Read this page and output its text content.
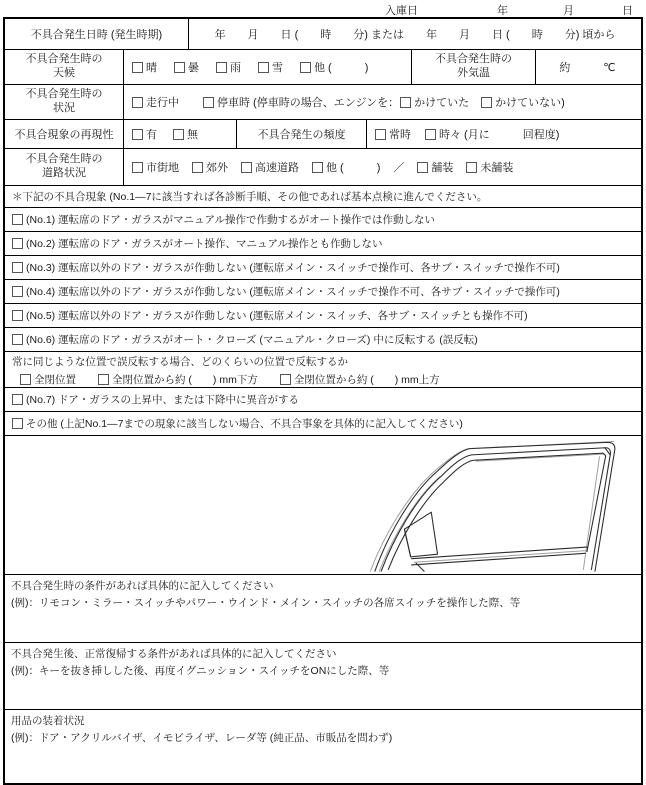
入庫日	年	月	日
不具合発生日時 (発生時期)	年　　月　　日 (　　時　　分) または　　年　　月　　日 (　　時　　分) 頃から
不具合発生時の
天候	晴	曇	雨	雪	他 (　　　)
不具合発生時の
外気温	約　　　℃
不具合発生時の
状況	走行中	停車時 (停車時の場合、エンジンを： かけていた かけていない)
不具合現象の再現性	有	無	不具合発生の頻度	常時	時々 (月に　　　回程度)
不具合発生時の
道路状況	市街地 郊外 高速道路 他 (　　　) ／ 舗装 未舗装
＊下記の不具合現象 (No.1—7に該当すれば各診断手順、その他であれば基本点検に進んでください。
(No.1) 運転席のドア・ガラスがマニュアル操作で作動するがオート操作では作動しない
(No.2) 運転席のドア・ガラスがオート操作、マニュアル操作とも作動しない
(No.3) 運転席以外のドア・ガラスが作動しない (運転席メイン・スイッチで操作可、各サブ・スイッチで操作不可)
(No.4) 運転席以外のドア・ガラスが作動しない (運転席メイン・スイッチで操作不可、各サブ・スイッチで操作可)
(No.5) 運転席以外のドア・ガラスが作動しない (運転席メイン・スイッチ、各サブ・スイッチとも操作不可)
(No.6) 運転席のドア・ガラスがオート・クローズ (マニュアル・クローズ) 中に反転する (誤反転)
常に同じような位置で誤反転する場合、どのくらいの位置で反転するか
全閉位置	全閉位置から約 (　　) mm下方	全閉位置から約 (　　) mm上方
(No.7) ドア・ガラスの上昇中、または下降中に異音がする
その他 (上記No.1—7までの現象に該当しない場合、不具合事象を具体的に記入してください)
不具合発生時の条件があれば具体的に記入してください
(例)：リモコン・ミラー・スイッチやパワー・ウインド・メイン・スイッチの各席スイッチを操作した際、等
不具合発生後、正常復帰する条件があれば具体的に記入してください
(例)：キーを抜き挿しした後、再度イグニッション・スイッチをONにした際、等
用品の装着状況
(例)：ドア・アクリルバイザ、イモビライザ、レーダ等 (純正品、市販品を問わず)
